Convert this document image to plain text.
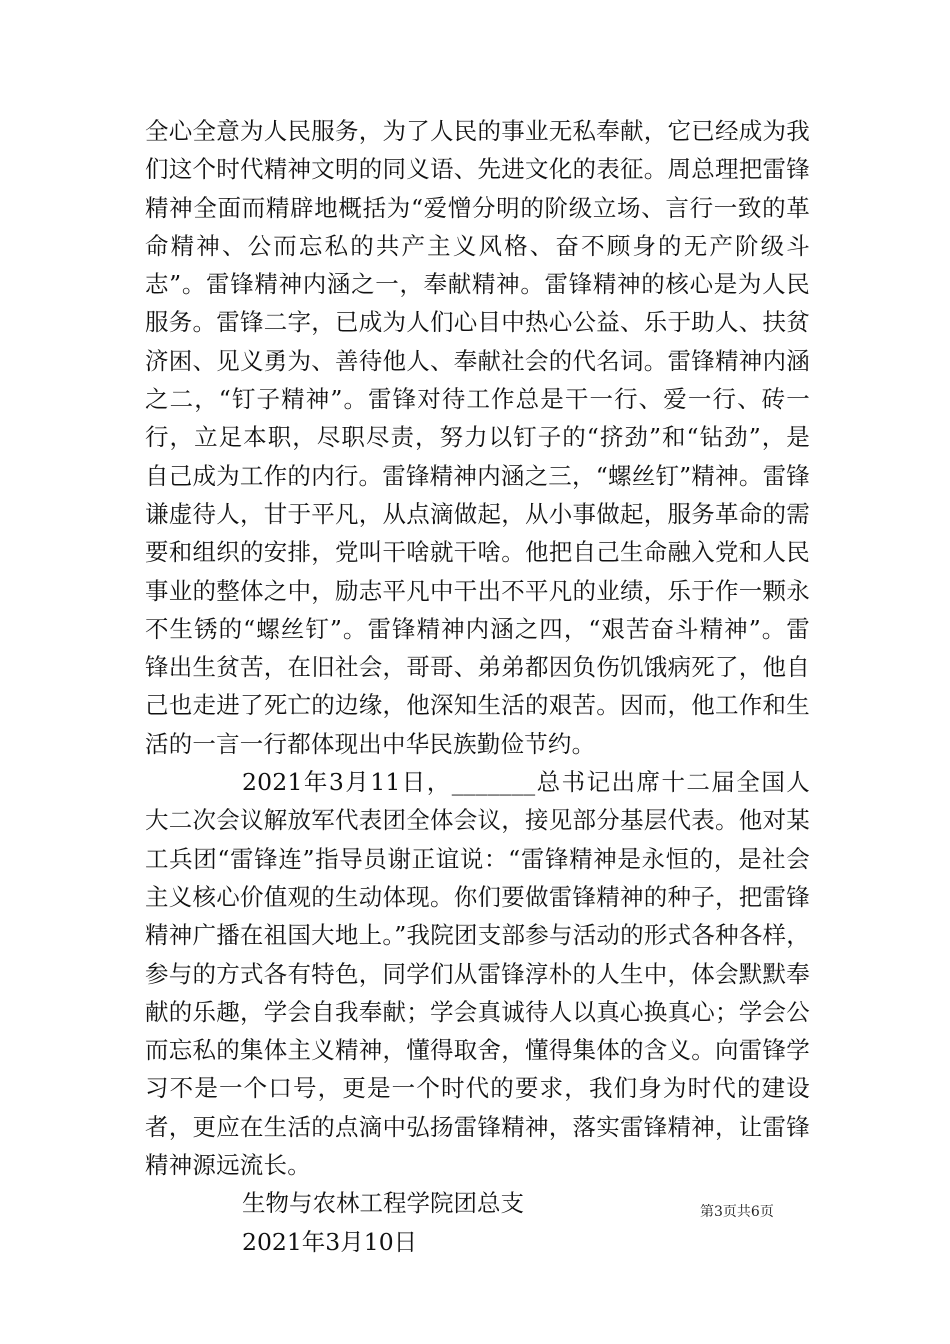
全心全意为人民服务，为了人民的事业无私奉献，它已经成为我们这个时代精神文明的同义语、先进文化的表征。周总理把雷锋精神全面而精辟地概括为“爱憎分明的阶级立场、言行一致的革命精神、公而忘私的共产主义风格、奋不顾身的无产阶级斗志”。雷锋精神内涵之一，奉献精神。雷锋精神的核心是为人民服务。雷锋二字，已成为人们心目中热心公益、乐于助人、扶贫济困、见义勇为、善待他人、奉献社会的代名词。雷锋精神内涵之二，“钉子精神”。雷锋对待工作总是干一行、爱一行、砖一行，立足本职，尽职尽责，努力以钉子的“挤劲”和“钻劲”，是自己成为工作的内行。雷锋精神内涵之三，“螺丝钉”精神。雷锋谦虚待人，甘于平凡，从点滴做起，从小事做起，服务革命的需要和组织的安排，党叫干啥就干啥。他把自己生命融入党和人民事业的整体之中，励志平凡中干出不平凡的业绩，乐于作一颗永不生锈的“螺丝钉”。雷锋精神内涵之四，“艰苦奋斗精神”。雷锋出生贫苦，在旧社会，哥哥、弟弟都因负伤饥饿病死了，他自己也走进了死亡的边缘，他深知生活的艰苦。因而，他工作和生活的一言一行都体现出中华民族勤俭节约。

2021年3月11日，_______总书记出席十二届全国人大二次会议解放军代表团全体会议，接见部分基层代表。他对某工兵团“雷锋连”指导员谢正谊说：“雷锋精神是永恒的，是社会主义核心价值观的生动体现。你们要做雷锋精神的种子，把雷锋精神广播在祖国大地上。”我院团支部参与活动的形式各种各样，参与的方式各有特色，同学们从雷锋淳朴的人生中，体会默默奉献的乐趣，学会自我奉献；学会真诚待人以真心换真心；学会公而忘私的集体主义精神，懂得取舍，懂得集体的含义。向雷锋学习不是一个口号，更是一个时代的要求，我们身为时代的建设者，更应在生活的点滴中弘扬雷锋精神，落实雷锋精神，让雷锋精神源远流长。

生物与农林工程学院团总支

2021年3月10日

第3页共6页
